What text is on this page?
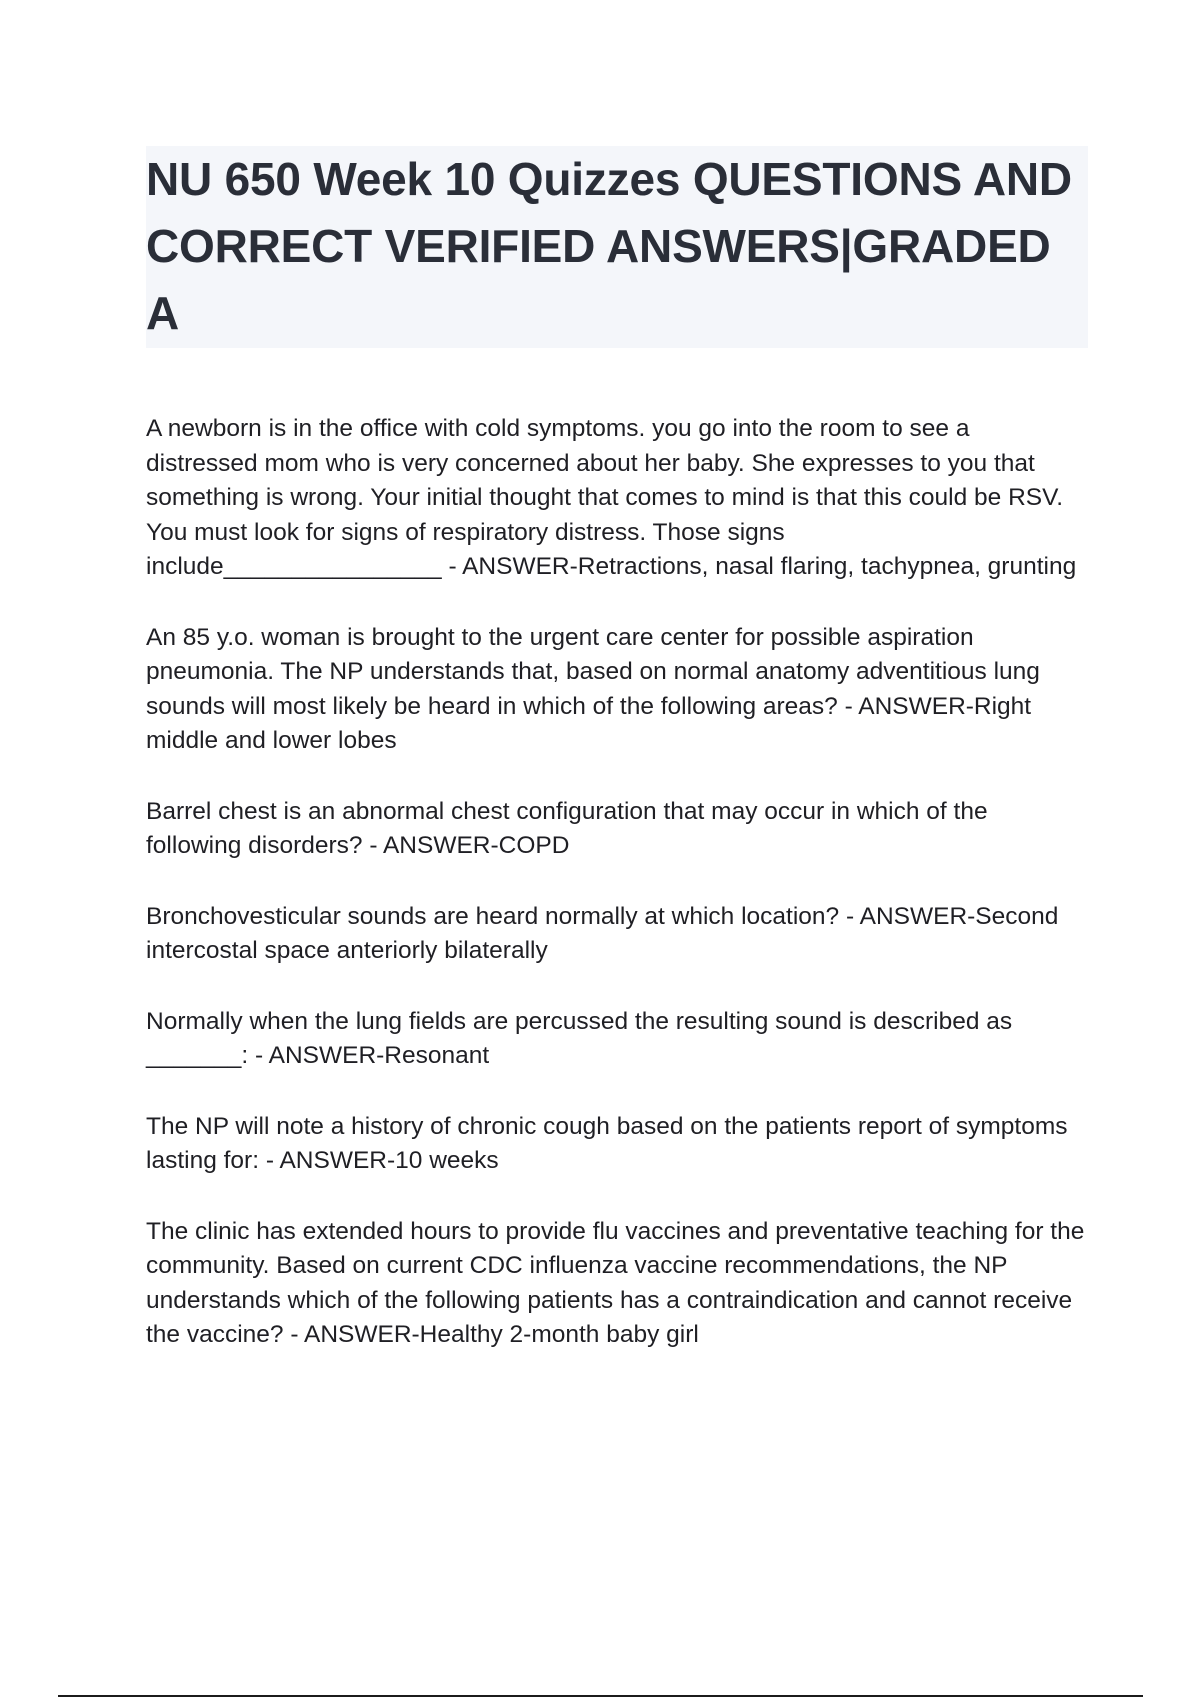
NU 650 Week 10 Quizzes QUESTIONS AND CORRECT VERIFIED ANSWERS|GRADED A

A newborn is in the office with cold symptoms. you go into the room to see a distressed mom who is very concerned about her baby. She expresses to you that something is wrong. Your initial thought that comes to mind is that this could be RSV. You must look for signs of respiratory distress. Those signs include________________ - ANSWER-Retractions, nasal flaring, tachypnea, grunting

An 85 y.o. woman is brought to the urgent care center for possible aspiration pneumonia. The NP understands that, based on normal anatomy adventitious lung sounds will most likely be heard in which of the following areas? - ANSWER-Right middle and lower lobes

Barrel chest is an abnormal chest configuration that may occur in which of the following disorders? - ANSWER-COPD

Bronchovesticular sounds are heard normally at which location? - ANSWER-Second intercostal space anteriorly bilaterally

Normally when the lung fields are percussed the resulting sound is described as _______: - ANSWER-Resonant

The NP will note a history of chronic cough based on the patients report of symptoms lasting for: - ANSWER-10 weeks

The clinic has extended hours to provide flu vaccines and preventative teaching for the community. Based on current CDC influenza vaccine recommendations, the NP understands which of the following patients has a contraindication and cannot receive the vaccine? - ANSWER-Healthy 2-month baby girl
